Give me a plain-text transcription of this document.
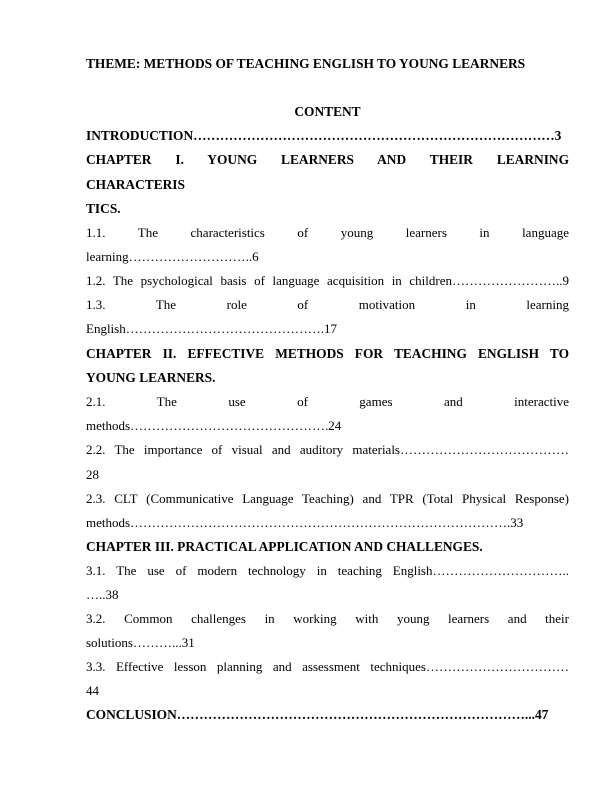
THEME: METHODS OF TEACHING ENGLISH TO YOUNG LEARNERS
CONTENT
INTRODUCTION………………………………………………………………………3
CHAPTER I. YOUNG LEARNERS AND THEIR LEARNING
CHARACTERIS
TICS.
1.1. The characteristics of young learners in language
learning………………………..6
1.2. The psychological basis of language acquisition in children……………………..9
1.3. The role of motivation in learning
English……………………………………….17
CHAPTER II. EFFECTIVE METHODS FOR TEACHING ENGLISH TO
YOUNG LEARNERS.
2.1. The use of games and interactive
methods……………………………………….24
2.2. The importance of visual and auditory materials…………………………………
28
2.3. CLT (Communicative Language Teaching) and TPR (Total Physical Response)
methods…………………………………………………………………………….33
CHAPTER III. PRACTICAL APPLICATION AND CHALLENGES.
3.1. The use of modern technology in teaching English…………………………..
…..38
3.2. Common challenges in working with young learners and their
solutions………...31
3.3. Effective lesson planning and assessment techniques……………………………
44
CONCLUSION……………………………………………………………………...47
